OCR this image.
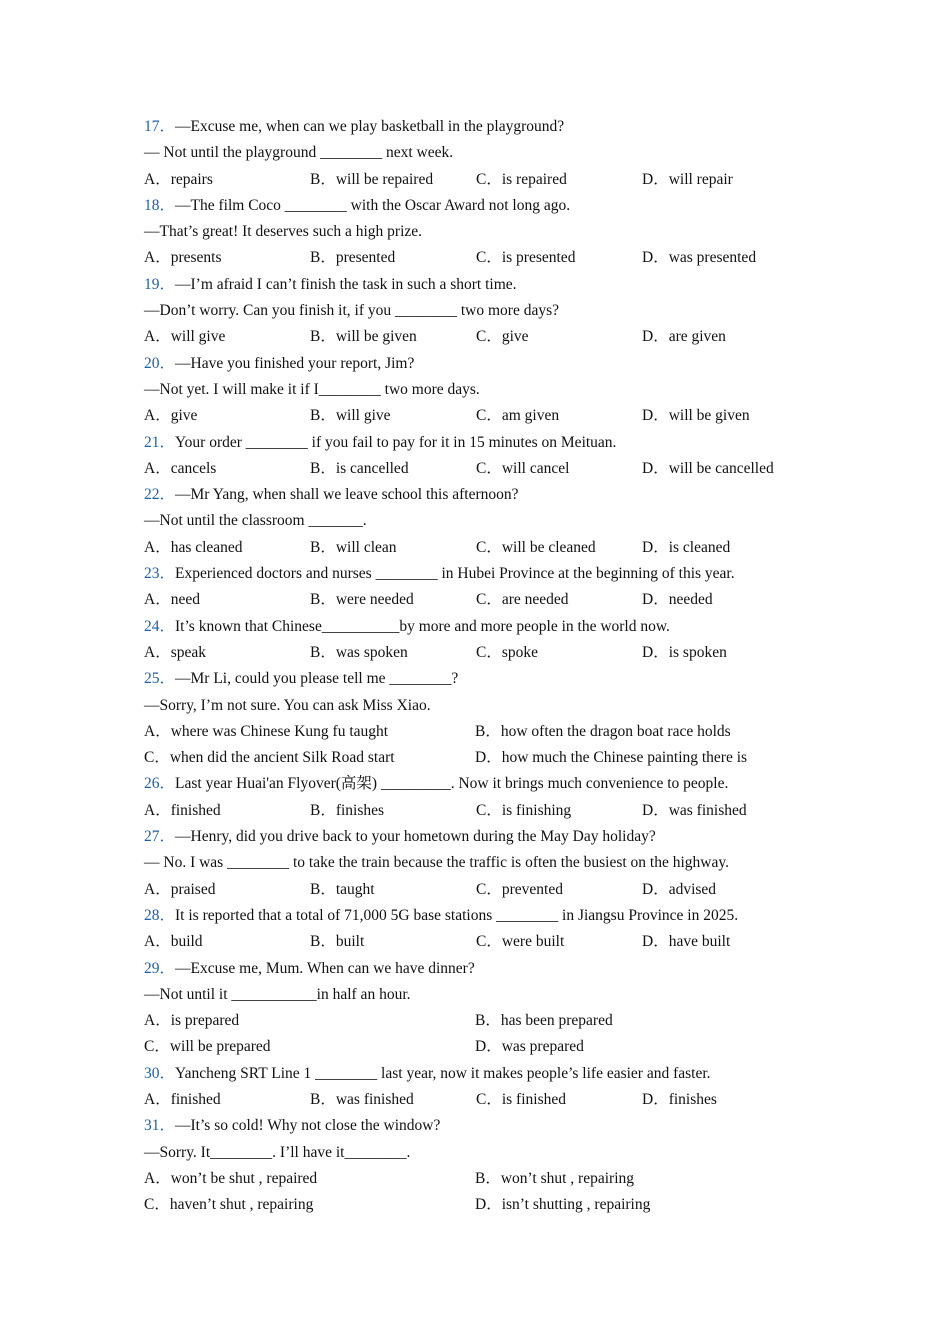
17．—Excuse me, when can we play basketball in the playground?
— Not until the playground ________ next week.
A．repairs	B．will be repaired	C．is repaired	D．will repair
18．—The film Coco ________ with the Oscar Award not long ago.
—That’s great! It deserves such a high prize.
A．presents	B．presented	C．is presented	D．was presented
19．—I’m afraid I can’t finish the task in such a short time.
—Don’t worry. Can you finish it, if you ________ two more days?
A．will give	B．will be given	C．give	D．are given
20．—Have you finished your report, Jim?
—Not yet. I will make it if I________ two more days.
A．give	B．will give	C．am given	D．will be given
21．Your order ________ if you fail to pay for it in 15 minutes on Meituan.
A．cancels	B．is cancelled	C．will cancel	D．will be cancelled
22．—Mr Yang, when shall we leave school this afternoon?
—Not until the classroom _______.
A．has cleaned	B．will clean	C．will be cleaned	D．is cleaned
23．Experienced doctors and nurses ________ in Hubei Province at the beginning of this year.
A．need	B．were needed	C．are needed	D．needed
24．It’s known that Chinese__________by more and more people in the world now.
A．speak	B．was spoken	C．spoke	D．is spoken
25．—Mr Li, could you please tell me ________?
—Sorry, I’m not sure. You can ask Miss Xiao.
A．where was Chinese Kung fu taught	B．how often the dragon boat race holds
C．when did the ancient Silk Road start	D．how much the Chinese painting there is
26．Last year Huai'an Flyover(高架) _________. Now it brings much convenience to people.
A．finished	B．finishes	C．is finishing	D．was finished
27．—Henry, did you drive back to your hometown during the May Day holiday?
— No. I was ________ to take the train because the traffic is often the busiest on the highway.
A．praised	B．taught	C．prevented	D．advised
28．It is reported that a total of 71,000 5G base stations ________ in Jiangsu Province in 2025.
A．build	B．built	C．were built	D．have built
29．—Excuse me, Mum. When can we have dinner?
—Not until it ___________in half an hour.
A．is prepared	B．has been prepared
C．will be prepared	D．was prepared
30．Yancheng SRT Line 1 ________ last year, now it makes people’s life easier and faster.
A．finished	B．was finished	C．is finished	D．finishes
31．—It’s so cold! Why not close the window?
—Sorry. It________. I’ll have it________.
A．won’t be shut , repaired	B．won’t shut , repairing
C．haven’t shut , repairing	D．isn’t shutting , repairing
